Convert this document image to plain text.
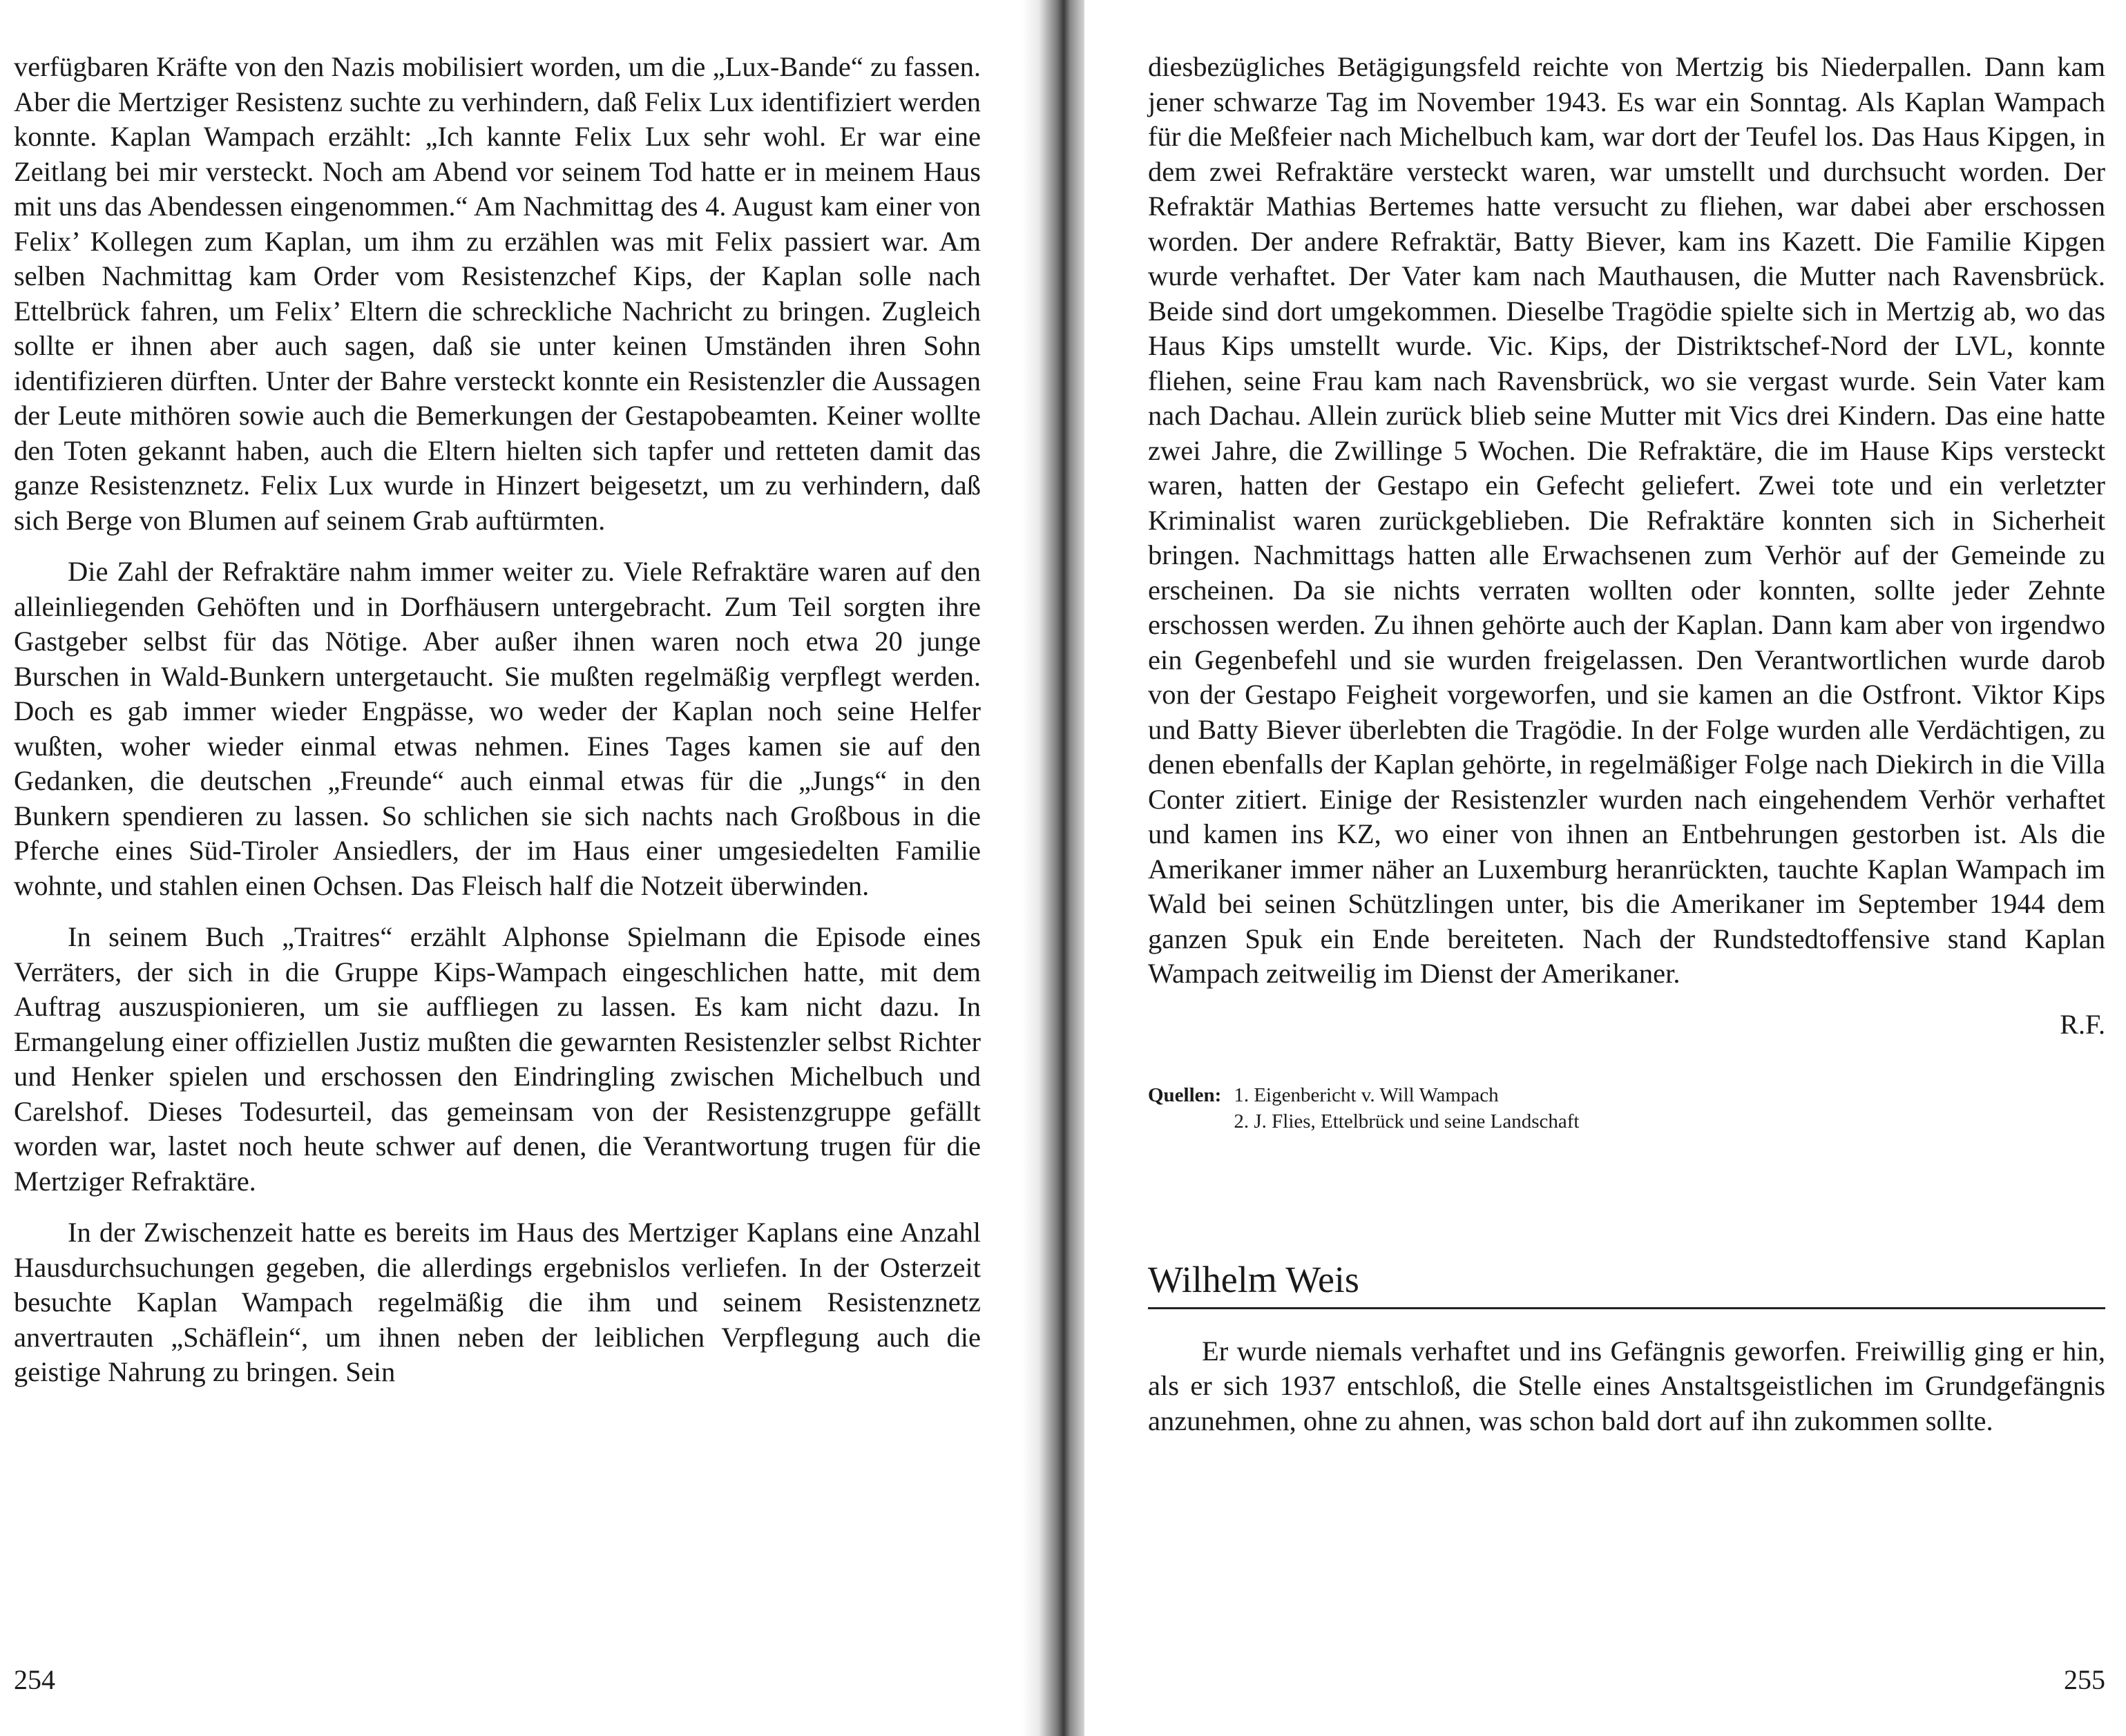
verfügbaren Kräfte von den Nazis mobilisiert worden, um die „Lux-Bande“ zu fassen. Aber die Mertziger Resistenz suchte zu verhindern, daß Felix Lux identifiziert werden konnte. Kaplan Wampach erzählt: „Ich kannte Felix Lux sehr wohl. Er war eine Zeitlang bei mir versteckt. Noch am Abend vor seinem Tod hatte er in meinem Haus mit uns das Abendessen eingenommen.“ Am Nachmittag des 4. August kam einer von Felix’ Kollegen zum Kaplan, um ihm zu erzählen was mit Felix passiert war. Am selben Nachmittag kam Order vom Resistenzchef Kips, der Kaplan solle nach Ettelbrück fahren, um Felix’ Eltern die schreckliche Nachricht zu bringen. Zugleich sollte er ihnen aber auch sagen, daß sie unter keinen Umständen ihren Sohn identifizieren dürften. Unter der Bahre versteckt konnte ein Resistenzler die Aussagen der Leute mithören sowie auch die Bemerkungen der Gestapobeamten. Keiner wollte den Toten gekannt haben, auch die Eltern hielten sich tapfer und retteten damit das ganze Resistenznetz. Felix Lux wurde in Hinzert beigesetzt, um zu verhindern, daß sich Berge von Blumen auf seinem Grab auftürmten.

Die Zahl der Refraktäre nahm immer weiter zu. Viele Refraktäre waren auf den alleinliegenden Gehöften und in Dorfhäusern untergebracht. Zum Teil sorgten ihre Gastgeber selbst für das Nötige. Aber außer ihnen waren noch etwa 20 junge Burschen in Wald-Bunkern untergetaucht. Sie mußten regelmäßig verpflegt werden. Doch es gab immer wieder Engpässe, wo weder der Kaplan noch seine Helfer wußten, woher wieder einmal etwas nehmen. Eines Tages kamen sie auf den Gedanken, die deutschen „Freunde“ auch einmal etwas für die „Jungs“ in den Bunkern spendieren zu lassen. So schlichen sie sich nachts nach Großbous in die Pferche eines Süd-Tiroler Ansiedlers, der im Haus einer umgesiedelten Familie wohnte, und stahlen einen Ochsen. Das Fleisch half die Notzeit überwinden.

In seinem Buch „Traitres“ erzählt Alphonse Spielmann die Episode eines Verräters, der sich in die Gruppe Kips-Wampach eingeschlichen hatte, mit dem Auftrag auszuspionieren, um sie auffliegen zu lassen. Es kam nicht dazu. In Ermangelung einer offiziellen Justiz mußten die gewarnten Resistenzler selbst Richter und Henker spielen und erschossen den Eindringling zwischen Michelbuch und Carelshof. Dieses Todesurteil, das gemeinsam von der Resistenzgruppe gefällt worden war, lastet noch heute schwer auf denen, die Verantwortung trugen für die Mertziger Refraktäre.

In der Zwischenzeit hatte es bereits im Haus des Mertziger Kaplans eine Anzahl Hausdurchsuchungen gegeben, die allerdings ergebnislos verliefen. In der Osterzeit besuchte Kaplan Wampach regelmäßig die ihm und seinem Resistenznetz anvertrauten „Schäflein“, um ihnen neben der leiblichen Verpflegung auch die geistige Nahrung zu bringen. Sein

254

diesbezügliches Betägigungsfeld reichte von Mertzig bis Niederpallen. Dann kam jener schwarze Tag im November 1943. Es war ein Sonntag. Als Kaplan Wampach für die Meßfeier nach Michelbuch kam, war dort der Teufel los. Das Haus Kipgen, in dem zwei Refraktäre versteckt waren, war umstellt und durchsucht worden. Der Refraktär Mathias Bertemes hatte versucht zu fliehen, war dabei aber erschossen worden. Der andere Refraktär, Batty Biever, kam ins Kazett. Die Familie Kipgen wurde verhaftet. Der Vater kam nach Mauthausen, die Mutter nach Ravensbrück. Beide sind dort umgekommen. Dieselbe Tragödie spielte sich in Mertzig ab, wo das Haus Kips umstellt wurde. Vic. Kips, der Distriktschef-Nord der LVL, konnte fliehen, seine Frau kam nach Ravensbrück, wo sie vergast wurde. Sein Vater kam nach Dachau. Allein zurück blieb seine Mutter mit Vics drei Kindern. Das eine hatte zwei Jahre, die Zwillinge 5 Wochen. Die Refraktäre, die im Hause Kips versteckt waren, hatten der Gestapo ein Gefecht geliefert. Zwei tote und ein verletzter Kriminalist waren zurückgeblieben. Die Refraktäre konnten sich in Sicherheit bringen. Nachmittags hatten alle Erwachsenen zum Verhör auf der Gemeinde zu erscheinen. Da sie nichts verraten wollten oder konnten, sollte jeder Zehnte erschossen werden. Zu ihnen gehörte auch der Kaplan. Dann kam aber von irgendwo ein Gegenbefehl und sie wurden freigelassen. Den Verantwortlichen wurde darob von der Gestapo Feigheit vorgeworfen, und sie kamen an die Ostfront. Viktor Kips und Batty Biever überlebten die Tragödie. In der Folge wurden alle Verdächtigen, zu denen ebenfalls der Kaplan gehörte, in regelmäßiger Folge nach Diekirch in die Villa Conter zitiert. Einige der Resistenzler wurden nach eingehendem Verhör verhaftet und kamen ins KZ, wo einer von ihnen an Entbehrungen gestorben ist. Als die Amerikaner immer näher an Luxemburg heranrückten, tauchte Kaplan Wampach im Wald bei seinen Schützlingen unter, bis die Amerikaner im September 1944 dem ganzen Spuk ein Ende bereiteten. Nach der Rundstedtoffensive stand Kaplan Wampach zeitweilig im Dienst der Amerikaner.

R.F.
Quellen: 1. Eigenbericht v. Will Wampach
2. J. Flies, Ettelbrück und seine Landschaft
Wilhelm Weis

Er wurde niemals verhaftet und ins Gefängnis geworfen. Freiwillig ging er hin, als er sich 1937 entschloß, die Stelle eines Anstaltsgeistlichen im Grundgefängnis anzunehmen, ohne zu ahnen, was schon bald dort auf ihn zukommen sollte.

255
